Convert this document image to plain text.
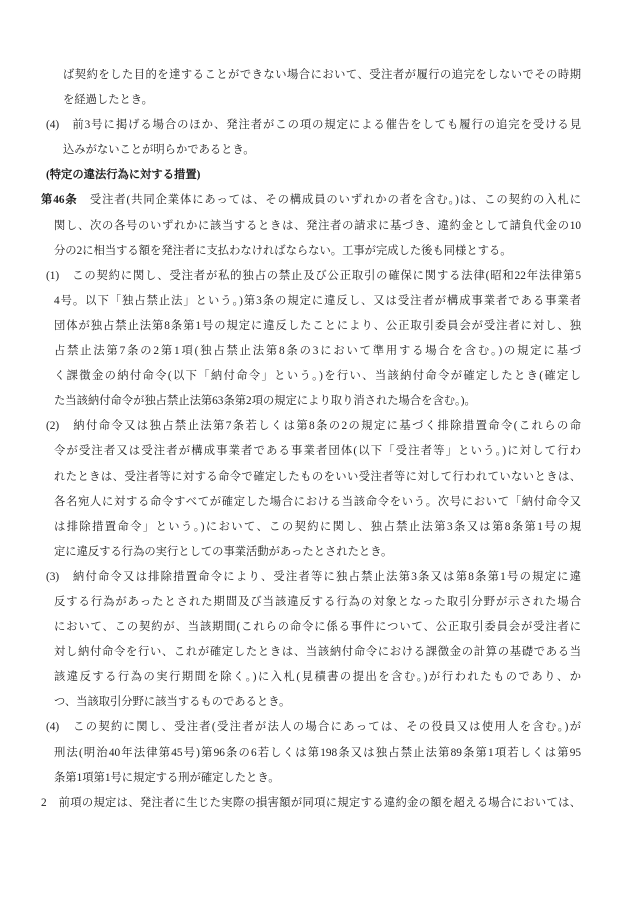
ば契約をした目的を達することができない場合において、受注者が履行の追完をしないでその時期
を経過したとき。
(4)　前3号に掲げる場合のほか、発注者がこの項の規定による催告をしても履行の追完を受ける見
込みがないことが明らかであるとき。
(特定の違法行為に対する措置)
第46条　受注者(共同企業体にあっては、その構成員のいずれかの者を含む。)は、この契約の入札に
関し、次の各号のいずれかに該当するときは、発注者の請求に基づき、違約金として請負代金の10
分の2に相当する額を発注者に支払わなければならない。工事が完成した後も同様とする。
(1)　この契約に関し、受注者が私的独占の禁止及び公正取引の確保に関する法律(昭和22年法律第5
4号。以下「独占禁止法」という。)第3条の規定に違反し、又は受注者が構成事業者である事業者
団体が独占禁止法第8条第1号の規定に違反したことにより、公正取引委員会が受注者に対し、独
占禁止法第7条の2第1項(独占禁止法第8条の3において準用する場合を含む。)の規定に基づ
く課徴金の納付命令(以下「納付命令」という。)を行い、当該納付命令が確定したとき(確定し
た当該納付命令が独占禁止法第63条第2項の規定により取り消された場合を含む。)。
(2)　納付命令又は独占禁止法第7条若しくは第8条の2の規定に基づく排除措置命令(これらの命
令が受注者又は受注者が構成事業者である事業者団体(以下「受注者等」という。)に対して行わ
れたときは、受注者等に対する命令で確定したものをいい受注者等に対して行われていないときは、
各名宛人に対する命令すべてが確定した場合における当該命令をいう。次号において「納付命令又
は排除措置命令」という。)において、この契約に関し、独占禁止法第3条又は第8条第1号の規
定に違反する行為の実行としての事業活動があったとされたとき。
(3)　納付命令又は排除措置命令により、受注者等に独占禁止法第3条又は第8条第1号の規定に違
反する行為があったとされた期間及び当該違反する行為の対象となった取引分野が示された場合
において、この契約が、当該期間(これらの命令に係る事件について、公正取引委員会が受注者に
対し納付命令を行い、これが確定したときは、当該納付命令における課徴金の計算の基礎である当
該違反する行為の実行期間を除く。)に入札(見積書の提出を含む。)が行われたものであり、か
つ、当該取引分野に該当するものであるとき。
(4)　この契約に関し、受注者(受注者が法人の場合にあっては、その役員又は使用人を含む。)が
刑法(明治40年法律第45号)第96条の6若しくは第198条又は独占禁止法第89条第1項若しくは第95
条第1項第1号に規定する刑が確定したとき。
2　前項の規定は、発注者に生じた実際の損害額が同項に規定する違約金の額を超える場合においては、
